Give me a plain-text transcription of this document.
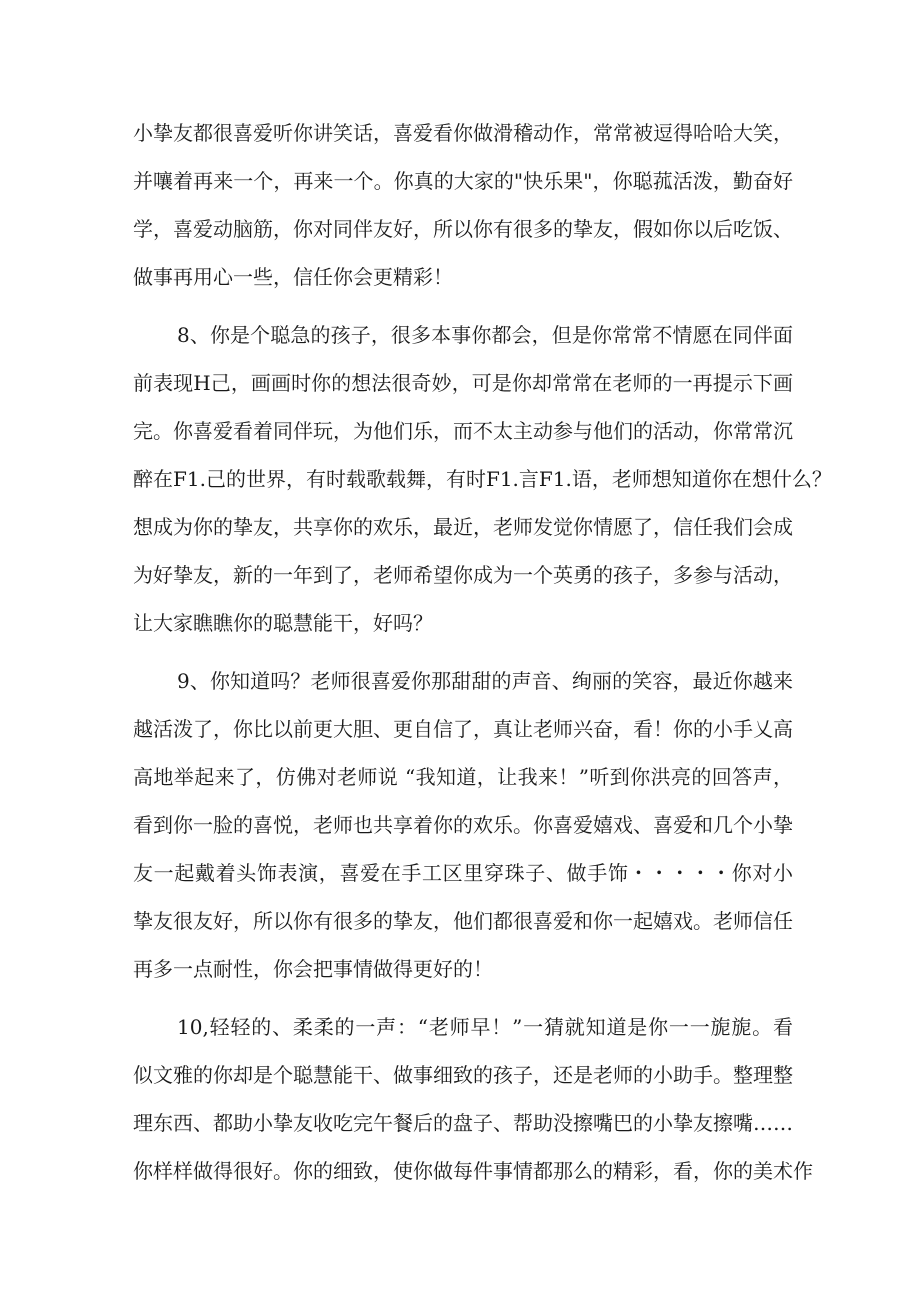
小挚友都很喜爱听你讲笑话，喜爱看你做滑稽动作，常常被逗得哈哈大笑，
并嚷着再来一个，再来一个。你真的大家的"快乐果"，你聪菰活泼，勤奋好
学，喜爱动脑筋，你对同伴友好，所以你有很多的挚友，假如你以后吃饭、
做事再用心一些，信任你会更精彩！
8、你是个聪急的孩子，很多本事你都会，但是你常常不情愿在同伴面
前表现H己，画画时你的想法很奇妙，可是你却常常在老师的一再提示下画
完。你喜爱看着同伴玩，为他们乐，而不太主动参与他们的活动，你常常沉
醉在F1.己的世界，有时载歌载舞，有时F1.言F1.语，老师想知道你在想什么？
想成为你的挚友，共享你的欢乐，最近，老师发觉你情愿了，信任我们会成
为好挚友，新的一年到了，老师希望你成为一个英勇的孩子，多参与活动，
让大家瞧瞧你的聪慧能干，好吗？
9、你知道吗？老师很喜爱你那甜甜的声音、绚丽的笑容，最近你越来
越活泼了，你比以前更大胆、更自信了，真让老师兴奋，看！你的小手乂高
高地举起来了，仿佛对老师说 “我知道，让我来！”听到你洪亮的回答声，
看到你一脸的喜悦，老师也共享着你的欢乐。你喜爱嬉戏、喜爱和几个小挚
友一起戴着头饰表演，喜爱在手工区里穿珠子、做手饰・・・・・你对小
挚友很友好，所以你有很多的挚友，他们都很喜爱和你一起嬉戏。老师信任
再多一点耐性，你会把事情做得更好的！
10,轻轻的、柔柔的一声：“老师早！”一猜就知道是你一一旎旎。看
似文雅的你却是个聪慧能干、做事细致的孩子，还是老师的小助手。整理整
理东西、都助小挚友收吃完午餐后的盘子、帮助没擦嘴巴的小挚友擦嘴……
你样样做得很好。你的细致，使你做每件事情都那么的精彩，看，你的美术作
